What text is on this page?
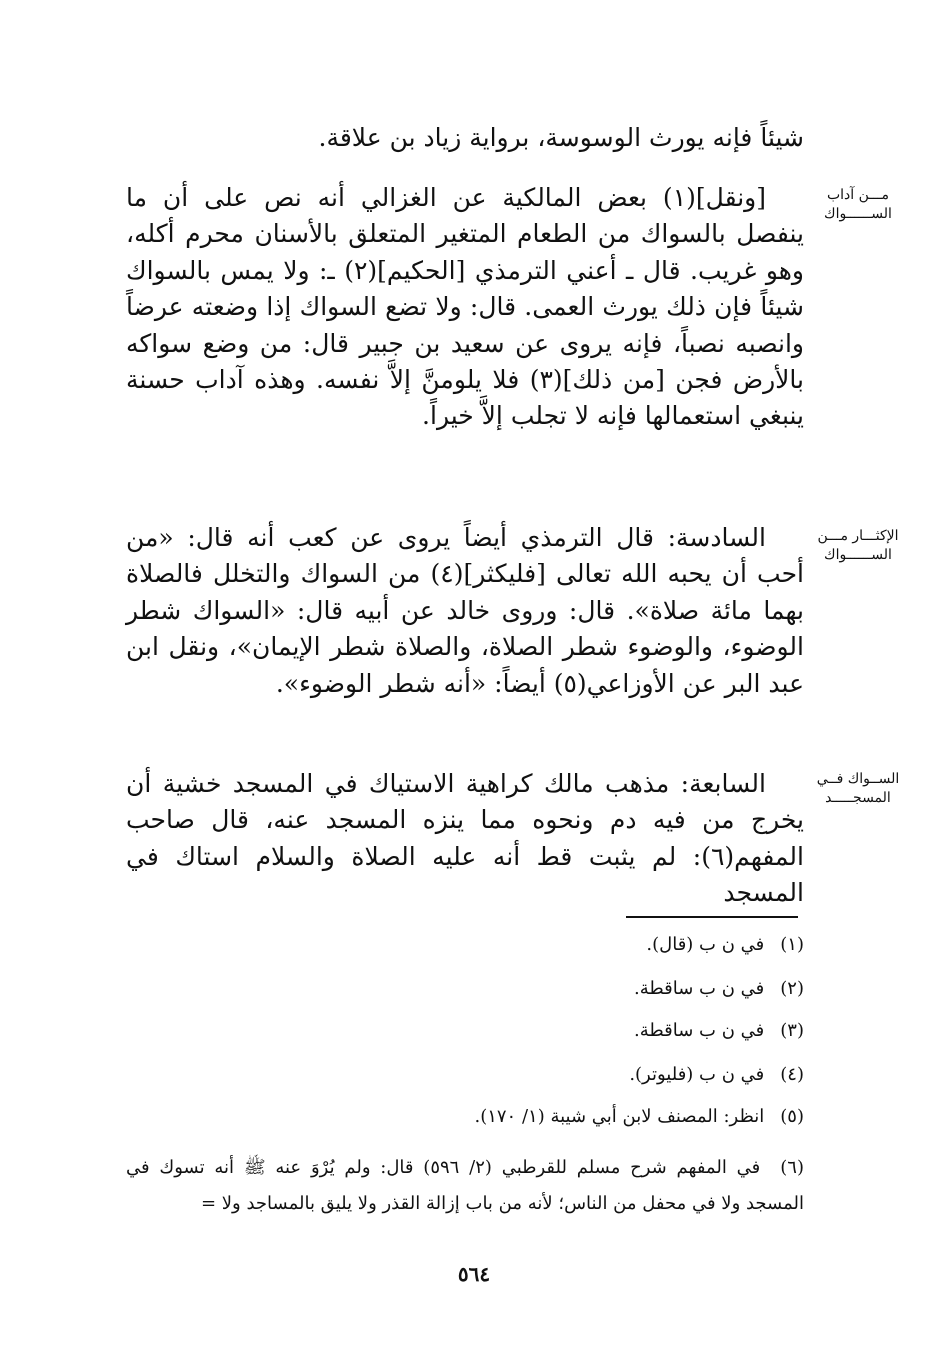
شيئاً فإنه يورث الوسوسة، برواية زياد بن علاقة.

[ونقل](١) بعض المالكية عن الغزالي أنه نص على أن ما ينفصل بالسواك من الطعام المتغير المتعلق بالأسنان محرم أكله، وهو غريب. قال ـ أعني الترمذي [الحكيم](٢) ـ: ولا يمس بالسواك شيئاً فإن ذلك يورث العمى. قال: ولا تضع السواك إذا وضعته عرضاً وانصبه نصباً، فإنه يروى عن سعيد بن جبير قال: من وضع سواكه بالأرض فجن [من ذلك](٣) فلا يلومنَّ إلاَّ نفسه. وهذه آداب حسنة ينبغي استعمالها فإنه لا تجلب إلاَّ خيراً.

السادسة: قال الترمذي أيضاً يروى عن كعب أنه قال: «من أحب أن يحبه الله تعالى [فليكثر](٤) من السواك والتخلل فالصلاة بهما مائة صلاة». قال: وروى خالد عن أبيه قال: «السواك شطر الوضوء، والوضوء شطر الصلاة، والصلاة شطر الإيمان»، ونقل ابن عبد البر عن الأوزاعي(٥) أيضاً: «أنه شطر الوضوء».

السابعة: مذهب مالك كراهية الاستياك في المسجد خشية أن يخرج من فيه دم ونحوه مما ينزه المسجد عنه، قال صاحب المفهم(٦): لم يثبت قط أنه عليه الصلاة والسلام استاك في المسجد

مـــن آداب
الســــــواك
الإكثـــار مـــن
الســــــواك
الســواك فــي
المسجـــــد
(١) في ن ب (قال).
(٢) في ن ب ساقطة.
(٣) في ن ب ساقطة.
(٤) في ن ب (فليوتر).
(٥) انظر: المصنف لابن أبي شيبة (١/ ١٧٠).
(٦) في المفهم شرح مسلم للقرطبي (٢/ ٥٩٦) قال: ولم يُرْوَ عنه ﷺ أنه تسوك في المسجد ولا في محفل من الناس؛ لأنه من باب إزالة القذر ولا يليق بالمساجد ولا =
٥٦٤
